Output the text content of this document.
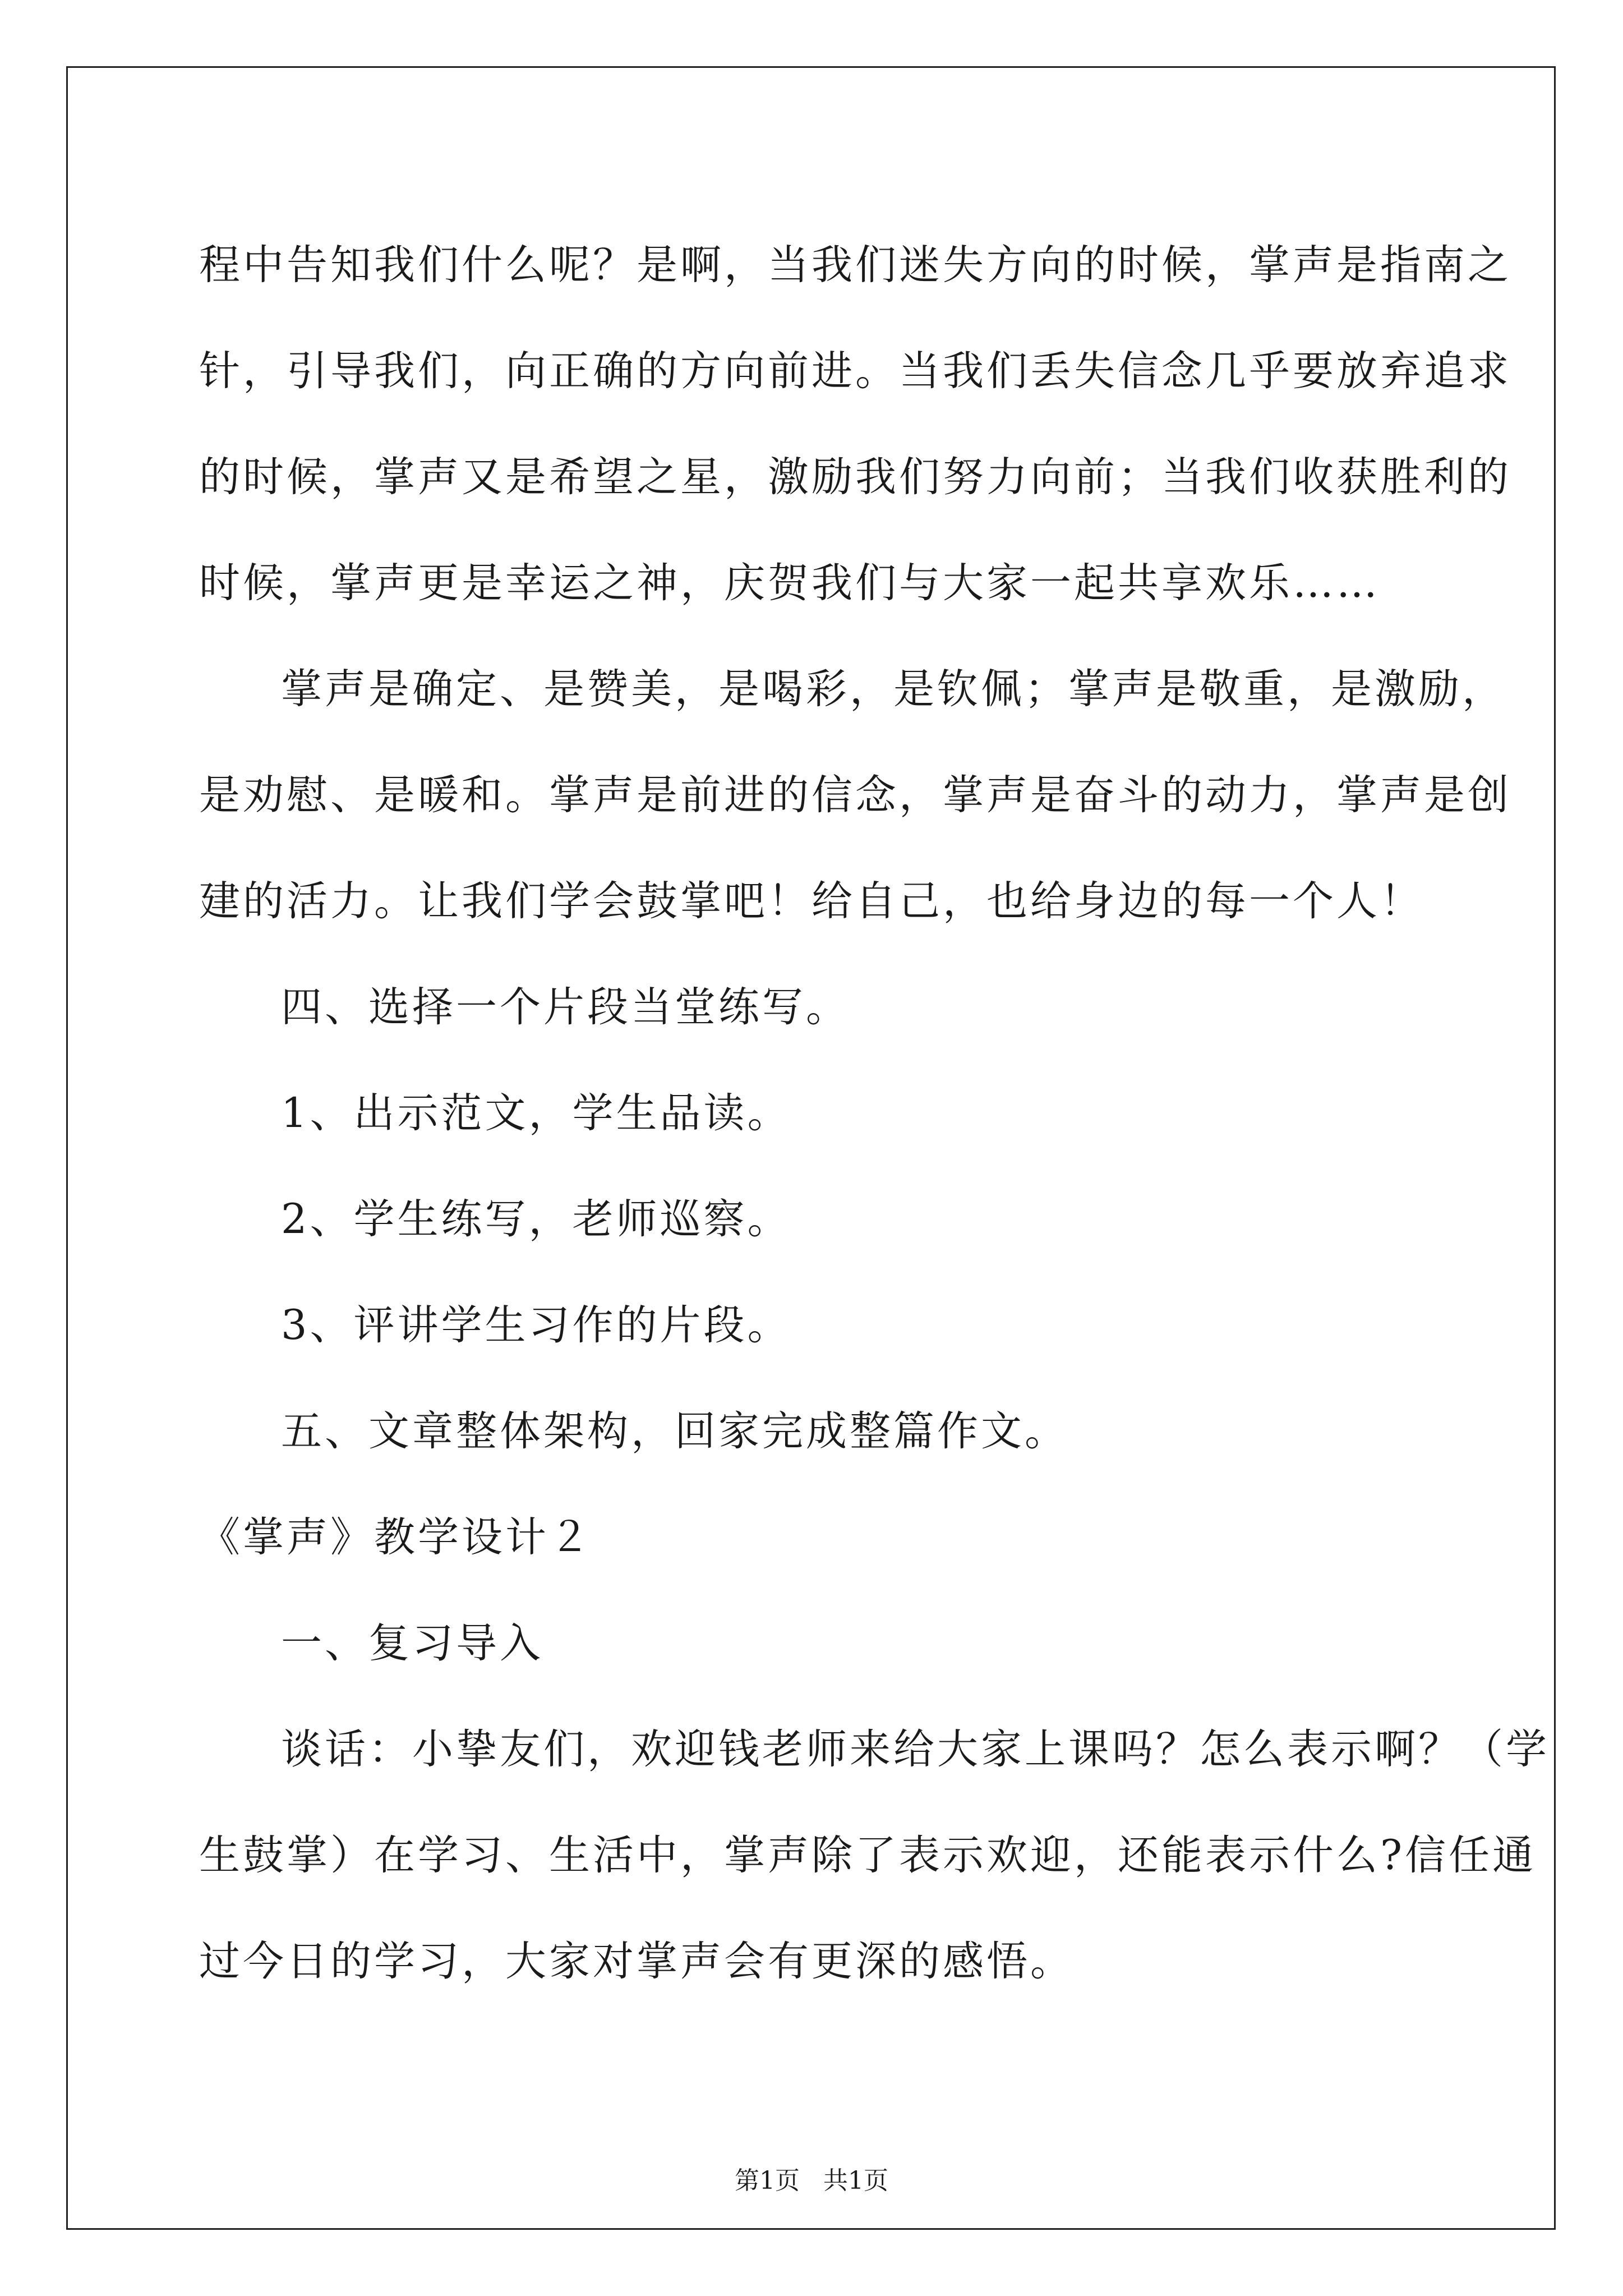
程中告知我们什么呢？是啊，当我们迷失方向的时候，掌声是指南之
针，引导我们，向正确的方向前进。当我们丢失信念几乎要放弃追求
的时候，掌声又是希望之星，激励我们努力向前；当我们收获胜利的
时候，掌声更是幸运之神，庆贺我们与大家一起共享欢乐……
掌声是确定、是赞美，是喝彩，是钦佩；掌声是敬重，是激励，
是劝慰、是暖和。掌声是前进的信念，掌声是奋斗的动力，掌声是创
建的活力。让我们学会鼓掌吧！给自己，也给身边的每一个人！
四、选择一个片段当堂练写。
1、出示范文，学生品读。
2、学生练写，老师巡察。
3、评讲学生习作的片段。
五、文章整体架构，回家完成整篇作文。
《掌声》教学设计２
一、复习导入
谈话：小挚友们，欢迎钱老师来给大家上课吗？怎么表示啊？（学
生鼓掌）在学习、生活中，掌声除了表示欢迎，还能表示什么?信任通
过今日的学习，大家对掌声会有更深的感悟。
第1页   共1页
